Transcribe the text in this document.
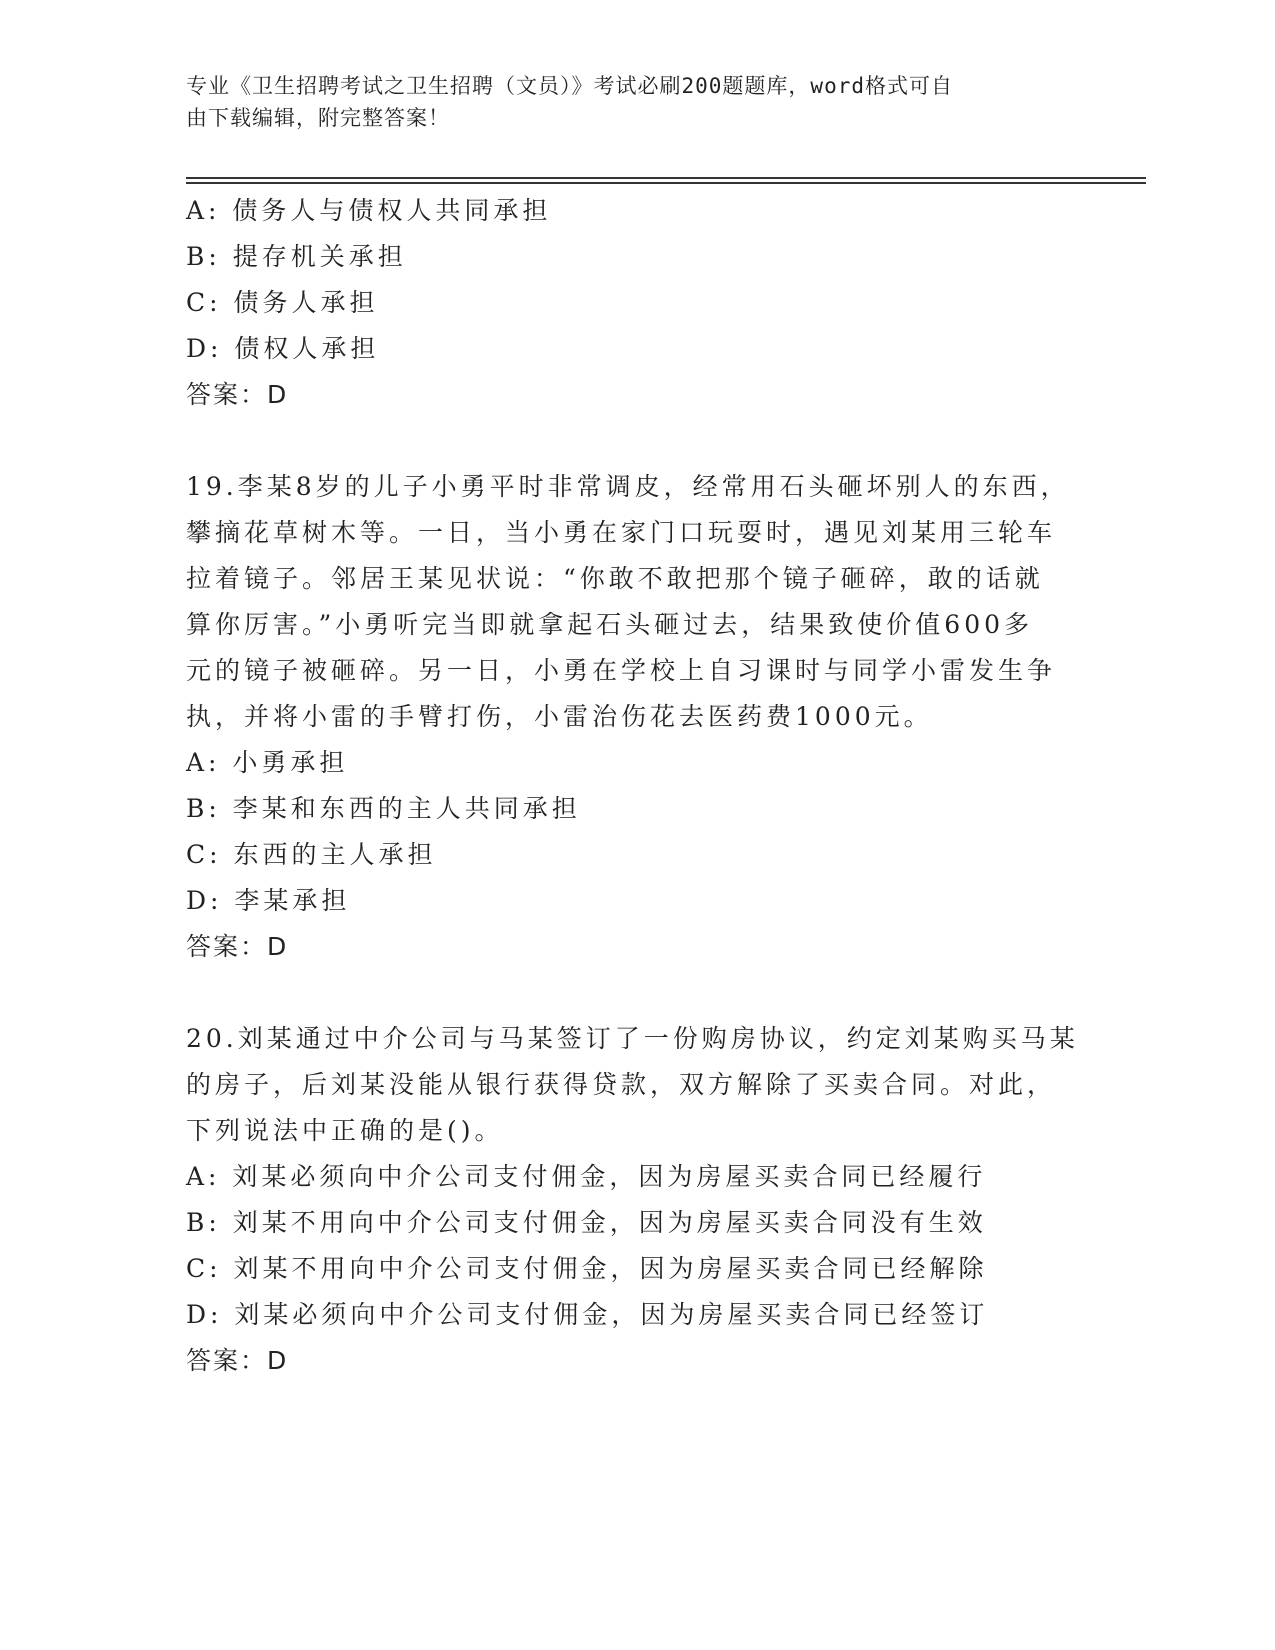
专业《卫生招聘考试之卫生招聘（文员）》考试必刷200题题库，word格式可自
由下载编辑，附完整答案！
A: 债务人与债权人共同承担
B: 提存机关承担
C: 债务人承担
D: 债权人承担
答案：D
19.李某8岁的儿子小勇平时非常调皮，经常用石头砸坏别人的东西，
攀摘花草树木等。一日，当小勇在家门口玩耍时，遇见刘某用三轮车
拉着镜子。邻居王某见状说：“你敢不敢把那个镜子砸碎，敢的话就
算你厉害。”小勇听完当即就拿起石头砸过去，结果致使价值600多
元的镜子被砸碎。另一日，小勇在学校上自习课时与同学小雷发生争
执，并将小雷的手臂打伤，小雷治伤花去医药费1000元。
A: 小勇承担
B: 李某和东西的主人共同承担
C: 东西的主人承担
D: 李某承担
答案：D
20.刘某通过中介公司与马某签订了一份购房协议，约定刘某购买马某
的房子，后刘某没能从银行获得贷款，双方解除了买卖合同。对此，
下列说法中正确的是()。
A: 刘某必须向中介公司支付佣金，因为房屋买卖合同已经履行
B: 刘某不用向中介公司支付佣金，因为房屋买卖合同没有生效
C: 刘某不用向中介公司支付佣金，因为房屋买卖合同已经解除
D: 刘某必须向中介公司支付佣金，因为房屋买卖合同已经签订
答案：D
